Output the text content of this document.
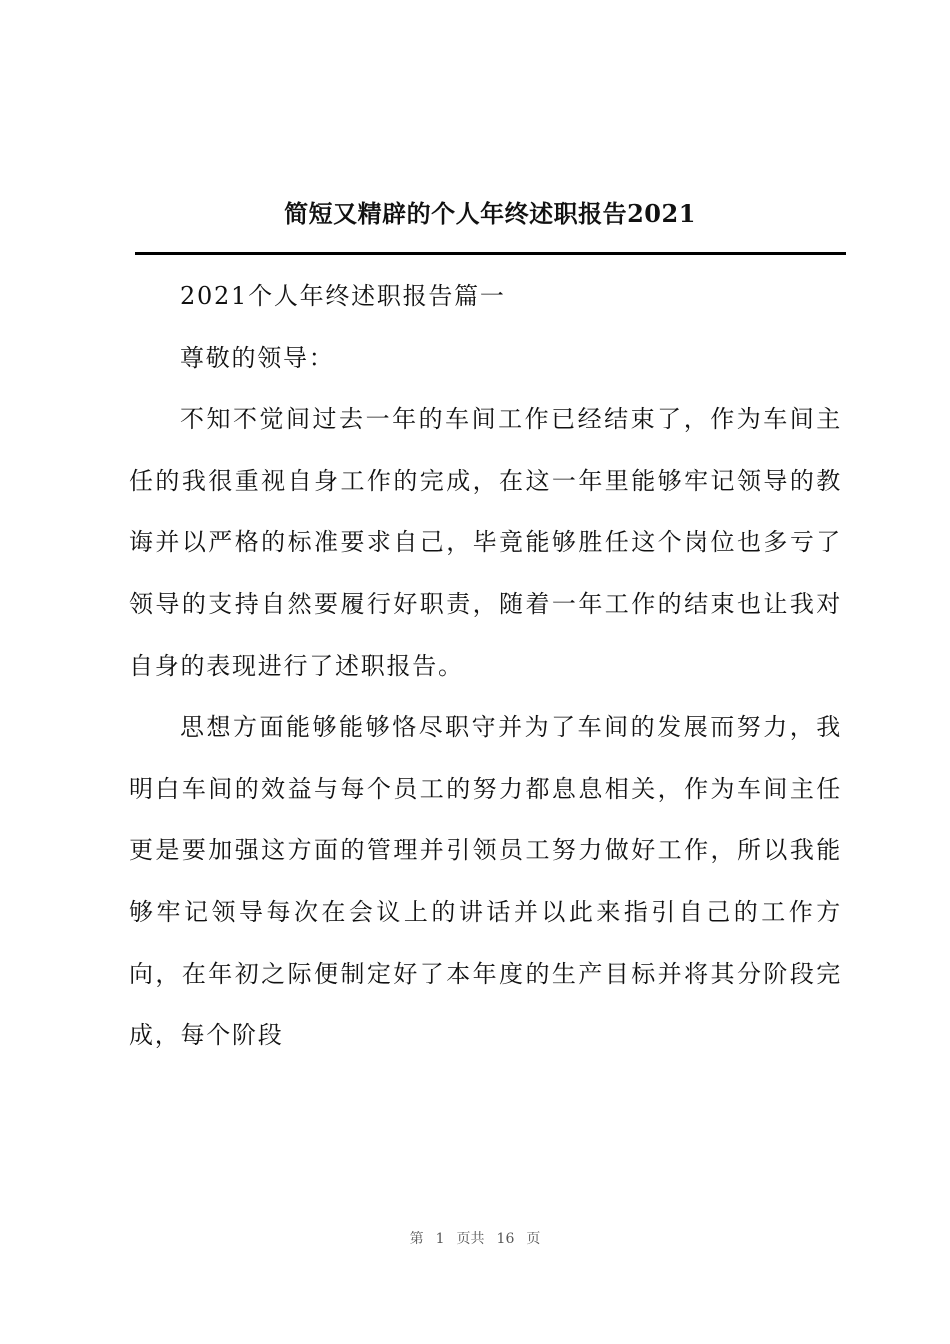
简短又精辟的个人年终述职报告2021

2021个人年终述职报告篇一

尊敬的领导：

不知不觉间过去一年的车间工作已经结束了，作为车间主任的我很重视自身工作的完成，在这一年里能够牢记领导的教诲并以严格的标准要求自己，毕竟能够胜任这个岗位也多亏了领导的支持自然要履行好职责，随着一年工作的结束也让我对自身的表现进行了述职报告。

思想方面能够能够恪尽职守并为了车间的发展而努力，我明白车间的效益与每个员工的努力都息息相关，作为车间主任更是要加强这方面的管理并引领员工努力做好工作，所以我能够牢记领导每次在会议上的讲话并以此来指引自己的工作方向，在年初之际便制定好了本年度的生产目标并将其分阶段完成，每个阶段

第 1 页共 16 页
